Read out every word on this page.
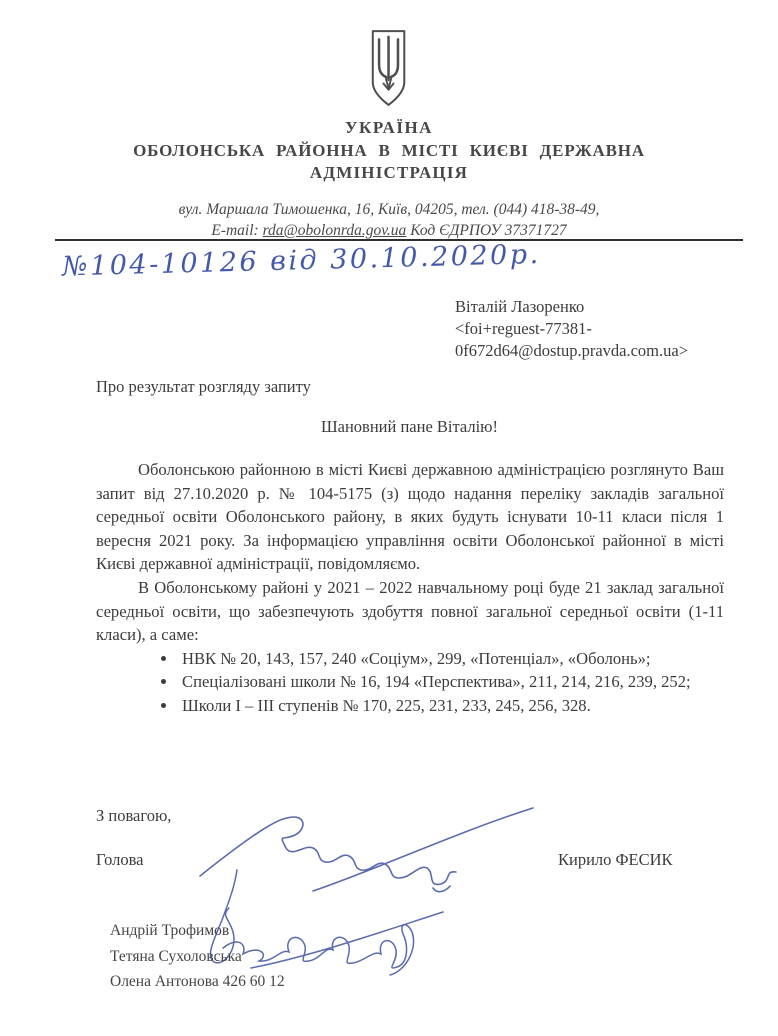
УКРАЇНА
ОБОЛОНСЬКА РАЙОННА В МІСТІ КИЄВІ ДЕРЖАВНА
АДМІНІСТРАЦІЯ
вул. Маршала Тимошенка, 16, Київ, 04205, тел. (044) 418-38-49,
E-mail: rda@obolonrda.gov.ua Код ЄДРПОУ 37371727
№104-10126 від 30.10.2020р.
Віталій Лазоренко
<foi+reguest-77381-
0f672d64@dostup.pravda.com.ua>
Про результат розгляду запиту
Шановний пане Віталію!

Оболонською районною в місті Києві державною адміністрацією розглянуто Ваш запит від 27.10.2020 р. № 104-5175 (з) щодо надання переліку закладів загальної середньої освіти Оболонського району, в яких будуть існувати 10-11 класи після 1 вересня 2021 року. За інформацією управління освіти Оболонської районної в місті Києві державної адміністрації, повідомляємо.

В Оболонському районі у 2021 – 2022 навчальному році буде 21 заклад загальної середньої освіти, що забезпечують здобуття повної загальної середньої освіти (1-11 класи), а саме:

• НВК № 20, 143, 157, 240 «Соціум», 299, «Потенціал», «Оболонь»;
• Спеціалізовані школи № 16, 194 «Перспектива», 211, 214, 216, 239, 252;
• Школи І – ІІІ ступенів № 170, 225, 231, 233, 245, 256, 328.
З повагою,
Голова	Кирило ФЕСИК
Андрій Трофимов
Тетяна Сухоловська
Олена Антонова 426 60 12
